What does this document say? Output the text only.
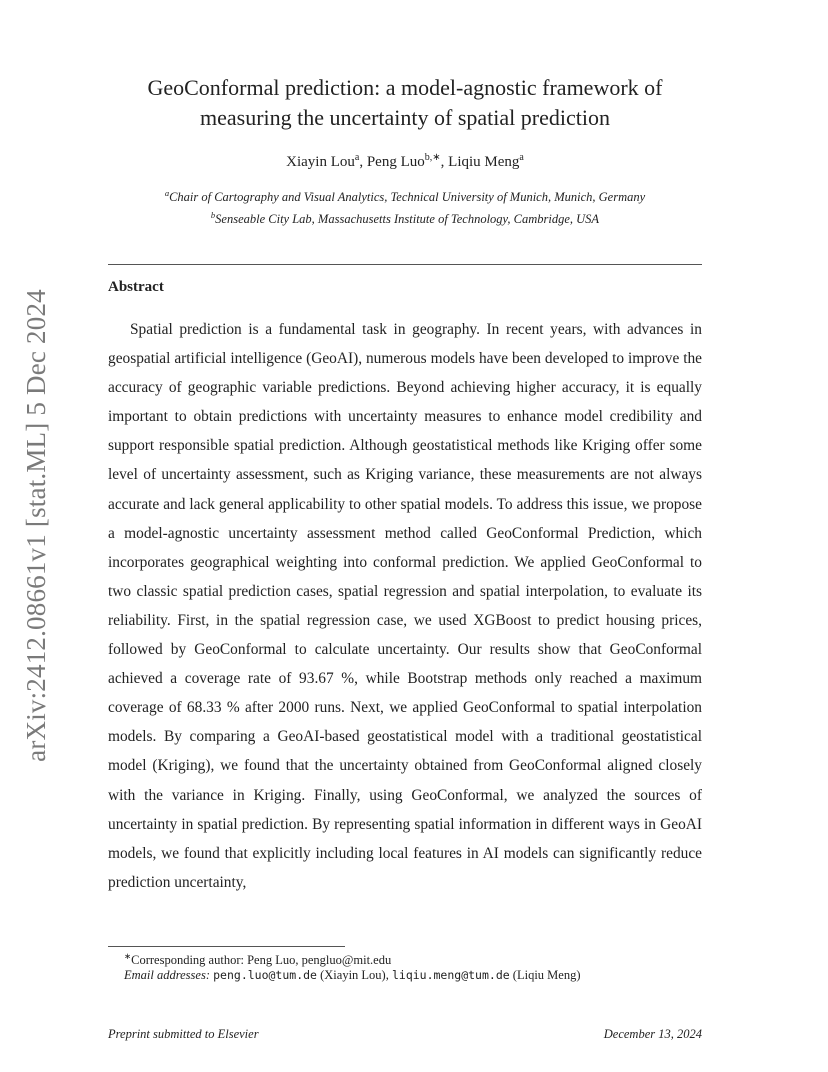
arXiv:2412.08661v1 [stat.ML] 5 Dec 2024
GeoConformal prediction: a model-agnostic framework of
measuring the uncertainty of spatial prediction
Xiayin Lou$^a$, Peng Luo$^{b,∗}$, Liqiu Meng$^a$
$^a$Chair of Cartography and Visual Analytics, Technical University of Munich, Munich, Germany
$^b$Senseable City Lab, Massachusetts Institute of Technology, Cambridge, USA
Abstract

Spatial prediction is a fundamental task in geography. In recent years, with advances in geospatial artificial intelligence (GeoAI), numerous models have been developed to improve the accuracy of geographic variable predictions. Beyond achieving higher accuracy, it is equally important to obtain predictions with uncertainty measures to enhance model credibility and support responsible spatial prediction. Although geostatistical methods like Kriging offer some level of uncertainty assessment, such as Kriging variance, these measurements are not always accurate and lack general applicability to other spatial models. To address this issue, we propose a model-agnostic uncertainty assessment method called GeoConformal Prediction, which incorporates geographical weighting into conformal prediction. We applied GeoConformal to two classic spatial prediction cases, spatial regression and spatial interpolation, to evaluate its reliability. First, in the spatial regression case, we used XGBoost to predict housing prices, followed by GeoConformal to calculate uncertainty. Our results show that GeoConformal achieved a coverage rate of 93.67 %, while Bootstrap methods only reached a maximum coverage of 68.33 % after 2000 runs. Next, we applied GeoConformal to spatial interpolation models. By comparing a GeoAI-based geostatistical model with a traditional geostatistical model (Kriging), we found that the uncertainty obtained from GeoConformal aligned closely with the variance in Kriging. Finally, using GeoConformal, we analyzed the sources of uncertainty in spatial prediction. By representing spatial information in different ways in GeoAI models, we found that explicitly including local features in AI models can significantly reduce prediction uncertainty,

∗Corresponding author: Peng Luo, pengluo@mit.edu
Email addresses: peng.luo@tum.de (Xiayin Lou), liqiu.meng@tum.de (Liqiu Meng)
Preprint submitted to Elsevier	December 13, 2024
